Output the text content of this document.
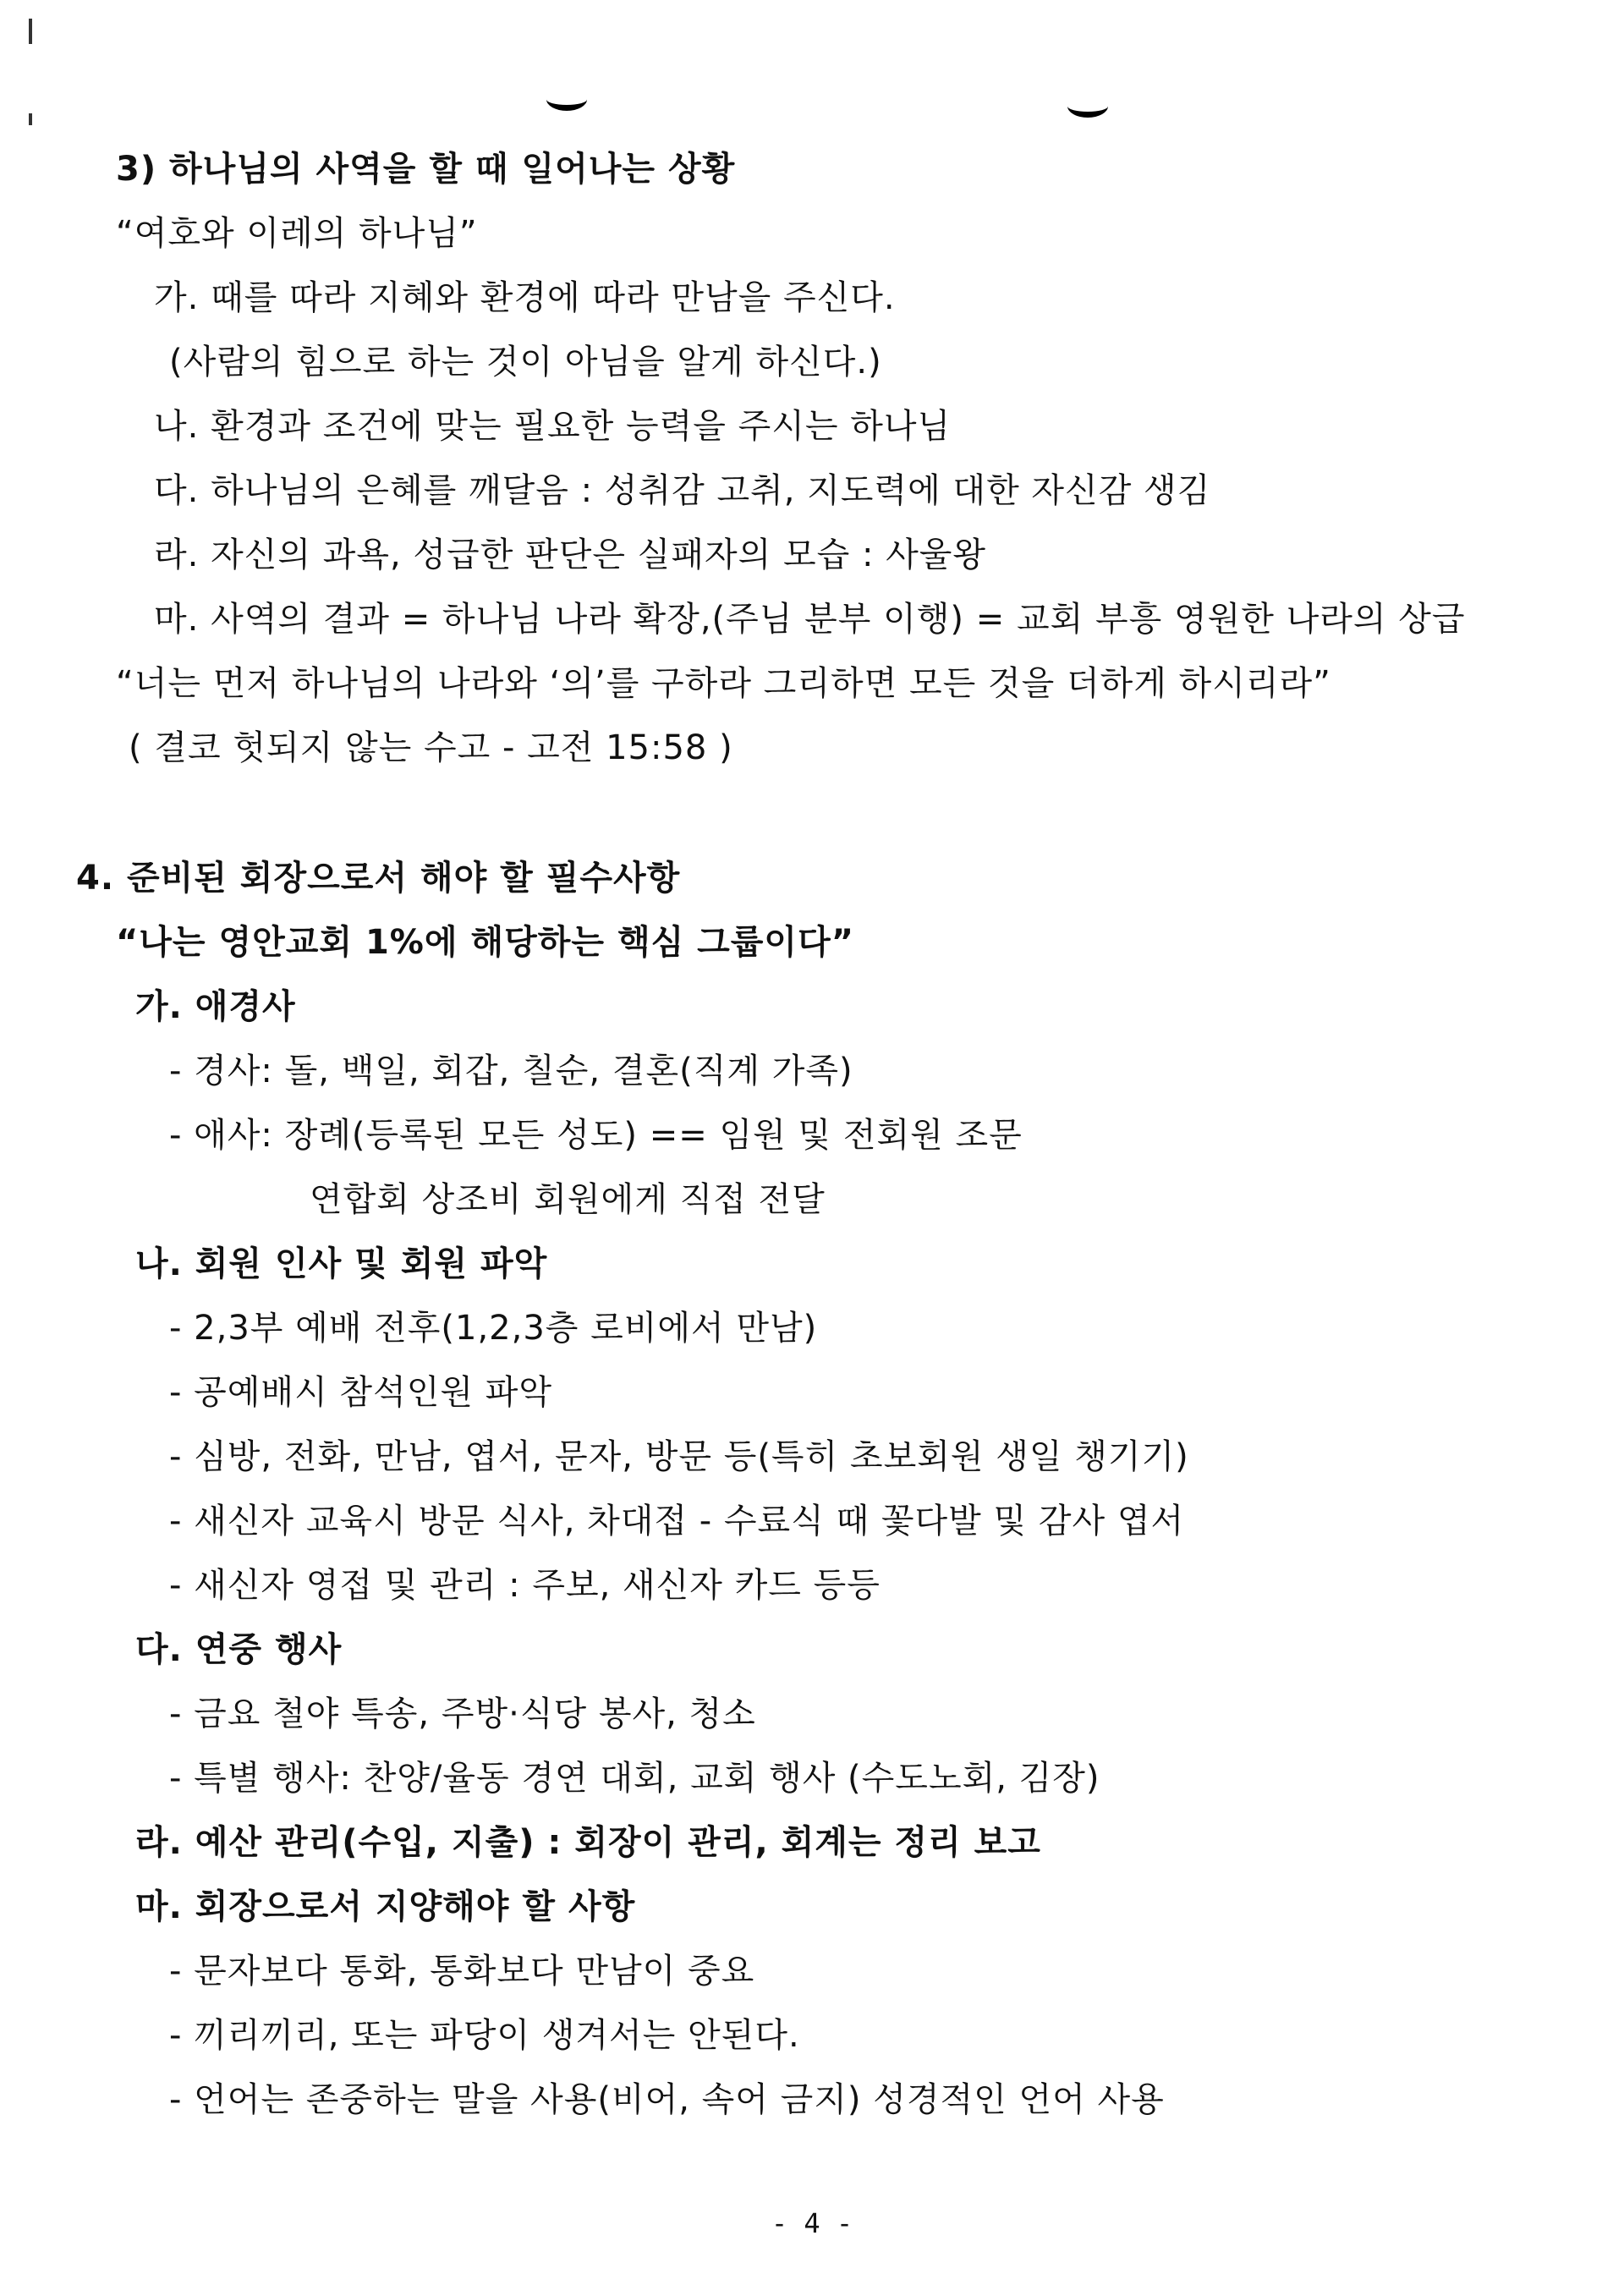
3) 하나님의 사역을 할 때 일어나는 상황
“여호와 이레의 하나님”
가. 때를 따라 지혜와 환경에 따라 만남을 주신다.
(사람의 힘으로 하는 것이 아님을 알게 하신다.)
나. 환경과 조건에 맞는 필요한 능력을 주시는 하나님
다. 하나님의 은혜를 깨달음 : 성취감 고취, 지도력에 대한 자신감 생김
라. 자신의 과욕, 성급한 판단은 실패자의 모습 : 사울왕
마. 사역의 결과 = 하나님 나라 확장,(주님 분부 이행) = 교회 부흥 영원한 나라의 상급
“너는 먼저 하나님의 나라와 ‘의’를 구하라 그리하면 모든 것을 더하게 하시리라”
( 결코 헛되지 않는 수고 - 고전 15:58 )
4. 준비된 회장으로서 해야 할 필수사항
“나는 영안교회 1%에 해당하는 핵심 그룹이다”
가. 애경사
- 경사: 돌, 백일, 회갑, 칠순, 결혼(직계 가족)
- 애사: 장례(등록된 모든 성도) == 임원 및 전회원 조문
연합회 상조비 회원에게 직접 전달
나. 회원 인사 및 회원 파악
- 2,3부 예배 전후(1,2,3층 로비에서 만남)
- 공예배시 참석인원 파악
- 심방, 전화, 만남, 엽서, 문자, 방문 등(특히 초보회원 생일 챙기기)
- 새신자 교육시 방문 식사, 차대접 - 수료식 때 꽃다발 및 감사 엽서
- 새신자 영접 및 관리 : 주보, 새신자 카드 등등
다. 연중 행사
- 금요 철야 특송, 주방·식당 봉사, 청소
- 특별 행사: 찬양/율동 경연 대회, 교회 행사 (수도노회, 김장)
라. 예산 관리(수입, 지출) : 회장이 관리, 회계는 정리 보고
마. 회장으로서 지양해야 할 사항
- 문자보다 통화, 통화보다 만남이 중요
- 끼리끼리, 또는 파당이 생겨서는 안된다.
- 언어는 존중하는 말을 사용(비어, 속어 금지) 성경적인 언어 사용
- 4 -
